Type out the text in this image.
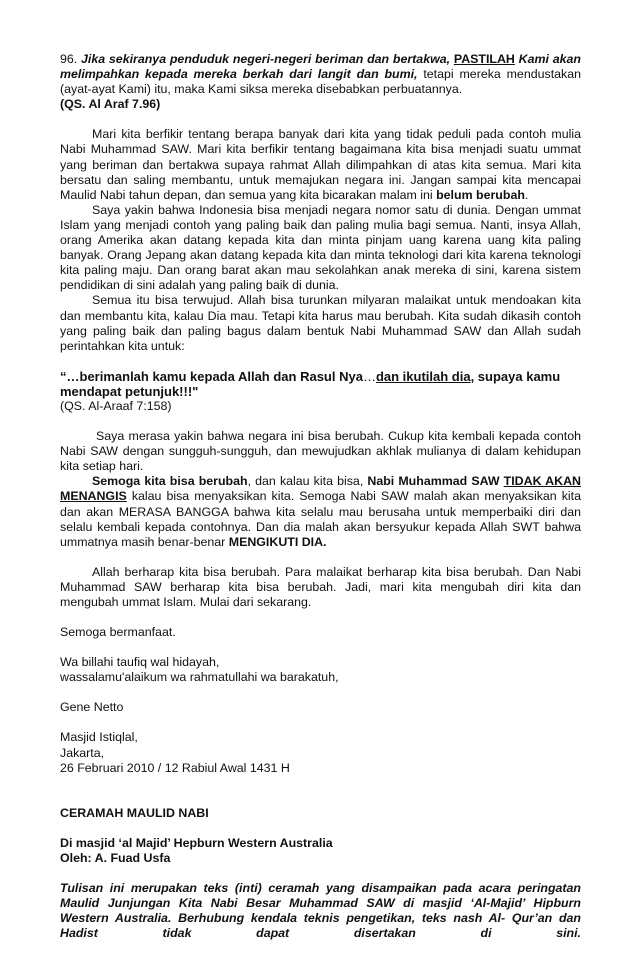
96. Jika sekiranya penduduk negeri-negeri beriman dan bertakwa, PASTILAH Kami akan melimpahkan kepada mereka berkah dari langit dan bumi, tetapi mereka mendustakan (ayat-ayat Kami) itu, maka Kami siksa mereka disebabkan perbuatannya.

(QS. Al Araf 7.96)

Mari kita berfikir tentang berapa banyak dari kita yang tidak peduli pada contoh mulia Nabi Muhammad SAW. Mari kita berfikir tentang bagaimana kita bisa menjadi suatu ummat yang beriman dan bertakwa supaya rahmat Allah dilimpahkan di atas kita semua. Mari kita bersatu dan saling membantu, untuk memajukan negara ini. Jangan sampai kita mencapai Maulid Nabi tahun depan, dan semua yang kita bicarakan malam ini belum berubah.

Saya yakin bahwa Indonesia bisa menjadi negara nomor satu di dunia. Dengan ummat Islam yang menjadi contoh yang paling baik dan paling mulia bagi semua. Nanti, insya Allah, orang Amerika akan datang kepada kita dan minta pinjam uang karena uang kita paling banyak. Orang Jepang akan datang kepada kita dan minta teknologi dari kita karena teknologi kita paling maju. Dan orang barat akan mau sekolahkan anak mereka di sini, karena sistem pendidikan di sini adalah yang paling baik di dunia.

Semua itu bisa terwujud. Allah bisa turunkan milyaran malaikat untuk mendoakan kita dan membantu kita, kalau Dia mau. Tetapi kita harus mau berubah. Kita sudah dikasih contoh yang paling baik dan paling bagus dalam bentuk Nabi Muhammad SAW dan Allah sudah perintahkan kita untuk:

“…berimanlah kamu kepada Allah dan Rasul Nya…dan ikutilah dia, supaya kamu mendapat petunjuk!!!"

(QS. Al-Araaf 7:158)

Saya merasa yakin bahwa negara ini bisa berubah. Cukup kita kembali kepada contoh Nabi SAW dengan sungguh-sungguh, dan mewujudkan akhlak mulianya di dalam kehidupan kita setiap hari.

Semoga kita bisa berubah, dan kalau kita bisa, Nabi Muhammad SAW TIDAK AKAN MENANGIS kalau bisa menyaksikan kita. Semoga Nabi SAW malah akan menyaksikan kita dan akan MERASA BANGGA bahwa kita selalu mau berusaha untuk memperbaiki diri dan selalu kembali kepada contohnya. Dan dia malah akan bersyukur kepada Allah SWT bahwa ummatnya masih benar-benar MENGIKUTI DIA.

Allah berharap kita bisa berubah. Para malaikat berharap kita bisa berubah. Dan Nabi Muhammad SAW berharap kita bisa berubah. Jadi, mari kita mengubah diri kita dan mengubah ummat Islam. Mulai dari sekarang.

Semoga bermanfaat.

Wa billahi taufiq wal hidayah,

wassalamu'alaikum wa rahmatullahi wa barakatuh,

Gene Netto

Masjid Istiqlal,

Jakarta,

26 Februari 2010 / 12 Rabiul Awal 1431 H

CERAMAH MAULID NABI

Di masjid ‘al Majid’ Hepburn Western Australia

Oleh: A. Fuad Usfa

Tulisan ini merupakan teks (inti) ceramah yang disampaikan pada acara peringatan Maulid Junjungan Kita Nabi Besar Muhammad SAW di masjid ‘Al-Majid’ Hipburn Western Australia. Berhubung kendala teknis pengetikan, teks nash Al- Qur’an dan Hadist tidak dapat disertakan di sini.
